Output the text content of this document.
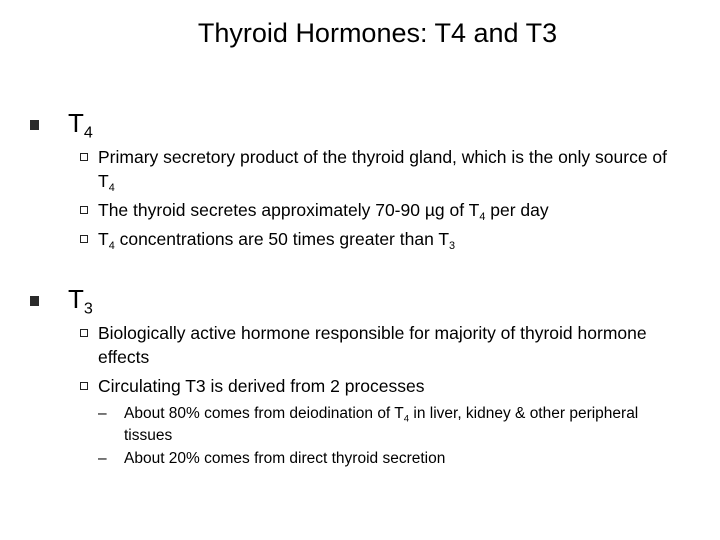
Thyroid Hormones: T4 and T3
$T_4$
Primary secretory product of the thyroid gland, which is the only source of $T_4$
The thyroid secretes approximately 70-90 µg of $T_4$ per day
$T_4$ concentrations are 50 times greater than $T_3$
$T_3$
Biologically active hormone responsible for majority of thyroid hormone effects
Circulating T3 is derived from 2 processes
– About 80% comes from deiodination of $T_4$ in liver, kidney & other peripheral tissues
– About 20% comes from direct thyroid secretion
